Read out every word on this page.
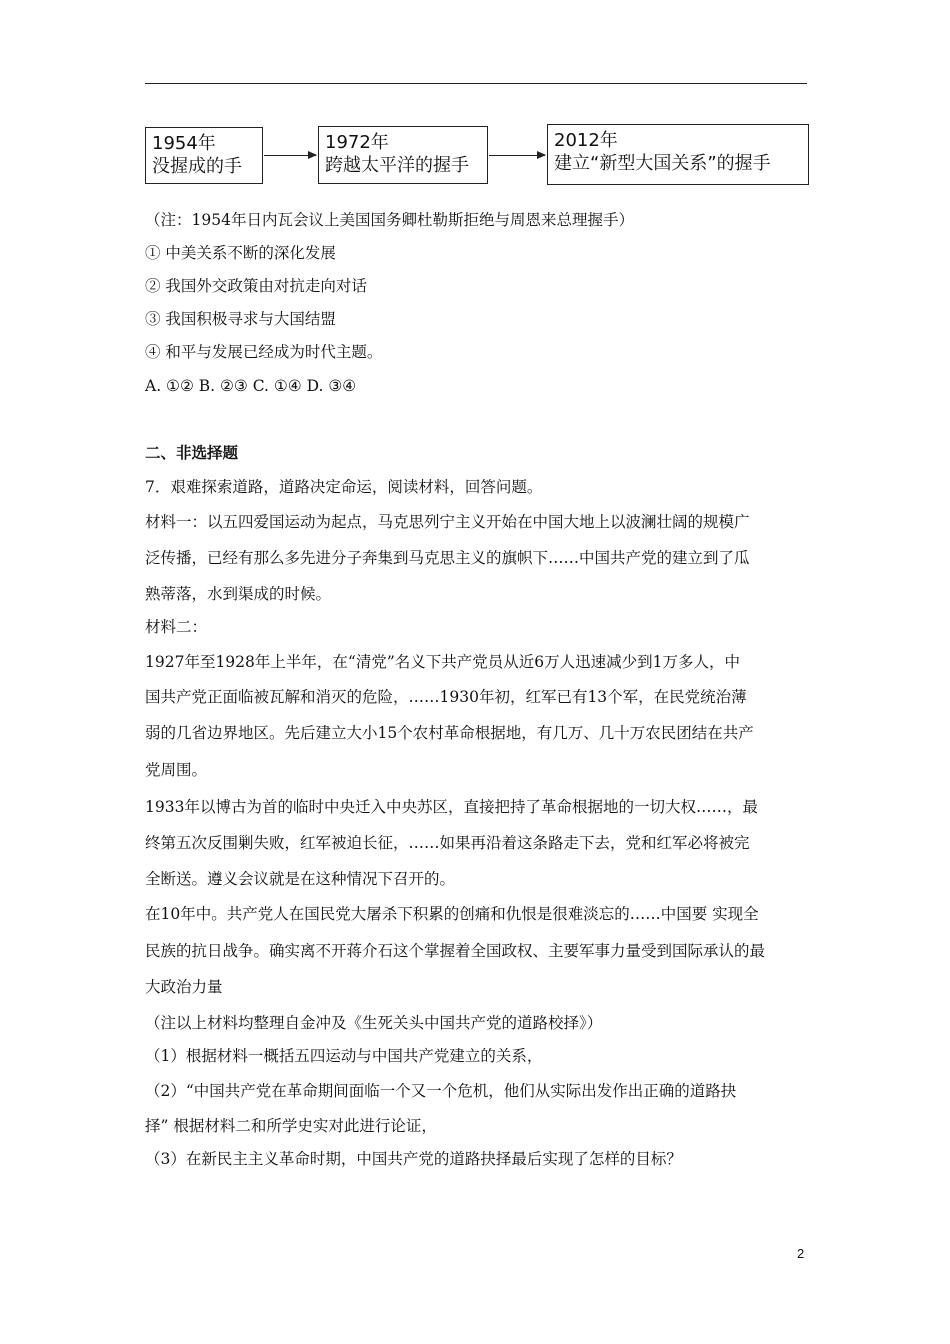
1954年
没握成的手
1972年
跨越太平洋的握手
2012年
建立“新型大国关系”的握手
（注：1954年日内瓦会议上美国国务卿杜勒斯拒绝与周恩来总理握手）
① 中美关系不断的深化发展
② 我国外交政策由对抗走向对话
③ 我国积极寻求与大国结盟
④ 和平与发展已经成为时代主题。
A. ①② B. ②③ C. ①④ D. ③④
二、非选择题
7．艰难探索道路，道路决定命运，阅读材料，回答问题。
材料一：以五四爱国运动为起点，马克思列宁主义开始在中国大地上以波澜壮阔的规模广
泛传播，已经有那么多先进分子奔集到马克思主义的旗帜下……中国共产党的建立到了瓜
熟蒂落，水到渠成的时候。
材料二：
1927年至1928年上半年，在“清党”名义下共产党员从近6万人迅速减少到1万多人，中
国共产党正面临被瓦解和消灭的危险，……1930年初，红军已有13个军，在民党统治薄
弱的几省边界地区。先后建立大小15个农村革命根据地，有几万、几十万农民团结在共产
党周围。
1933年以博古为首的临时中央迁入中央苏区，直接把持了革命根据地的一切大权……，最
终第五次反围剿失败，红军被迫长征，……如果再沿着这条路走下去，党和红军必将被完
全断送。遵义会议就是在这种情况下召开的。
在10年中。共产党人在国民党大屠杀下积累的创痛和仇恨是很难淡忘的……中国要 实现全
民族的抗日战争。确实离不开蒋介石这个掌握着全国政权、主要军事力量受到国际承认的最
大政治力量
（注以上材料均整理自金冲及《生死关头中国共产党的道路校择》）
（1）根据材料一概括五四运动与中国共产党建立的关系，
（2）“中国共产党在革命期间面临一个又一个危机，他们从实际出发作出正确的道路抉
择” 根据材料二和所学史实对此进行论证，
（3）在新民主主义革命时期，中国共产党的道路抉择最后实现了怎样的目标？
2
